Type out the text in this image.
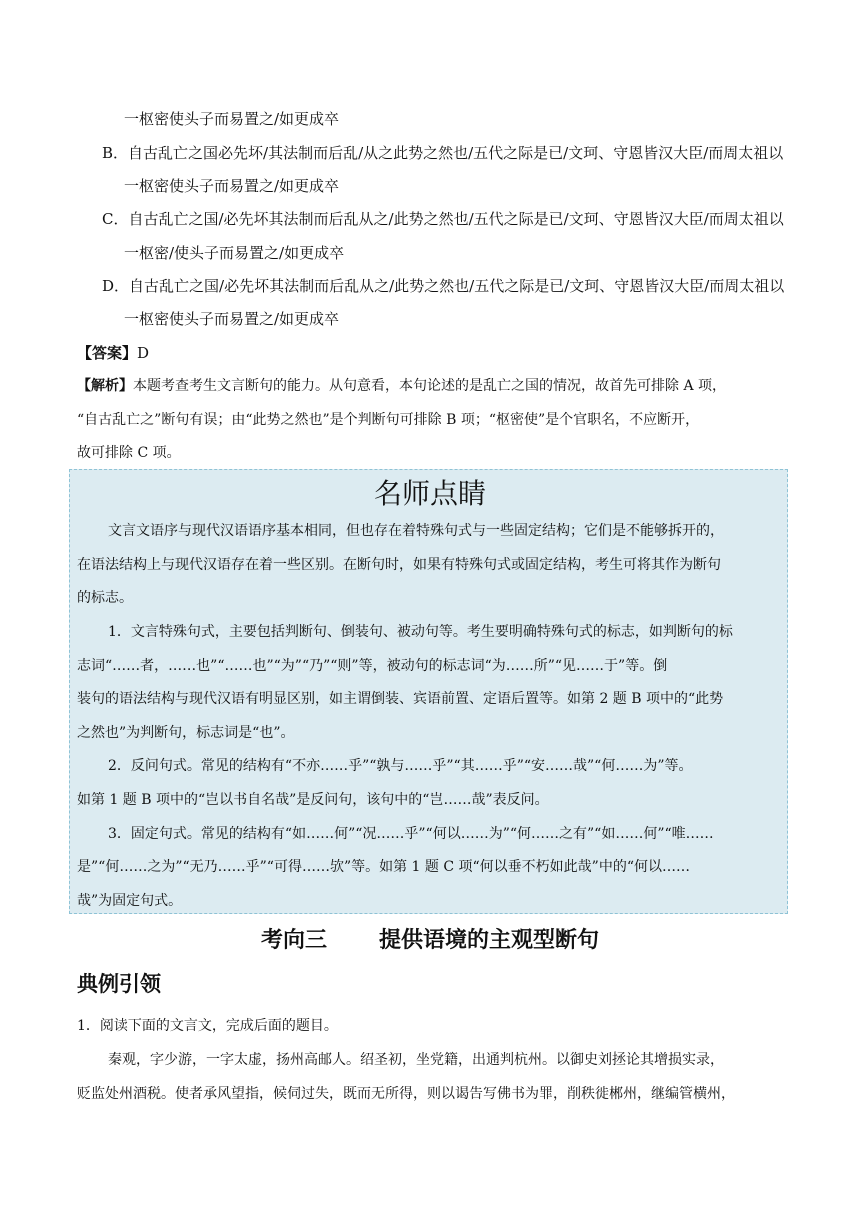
一枢密使头子而易置之/如更成卒
B．自古乱亡之国必先坏/其法制而后乱/从之此势之然也/五代之际是已/文珂、守恩皆汉大臣/而周太祖以
一枢密使头子而易置之/如更成卒
C．自古乱亡之国/必先坏其法制而后乱从之/此势之然也/五代之际是已/文珂、守恩皆汉大臣/而周太祖以
一枢密/使头子而易置之/如更成卒
D．自古乱亡之国/必先坏其法制而后乱从之/此势之然也/五代之际是已/文珂、守恩皆汉大臣/而周太祖以
一枢密使头子而易置之/如更成卒
【答案】D
【解析】本题考查考生文言断句的能力。从句意看，本句论述的是乱亡之国的情况，故首先可排除 A 项，
“自古乱亡之”断句有误；由“此势之然也”是个判断句可排除 B 项；“枢密使”是个官职名，不应断开，
故可排除 C 项。
名师点睛
文言文语序与现代汉语语序基本相同，但也存在着特殊句式与一些固定结构；它们是不能够拆开的，
在语法结构上与现代汉语存在着一些区别。在断句时，如果有特殊句式或固定结构，考生可将其作为断句
的标志。
1．文言特殊句式，主要包括判断句、倒装句、被动句等。考生要明确特殊句式的标志，如判断句的标
志词“……者，……也”“……也”“为”“乃”“则”等，被动句的标志词“为……所”“见……于”等。倒
装句的语法结构与现代汉语有明显区别，如主谓倒装、宾语前置、定语后置等。如第 2 题 B 项中的“此势
之然也”为判断句，标志词是“也”。
2．反问句式。常见的结构有“不亦……乎”“孰与……乎”“其……乎”“安……哉”“何……为”等。
如第 1 题 B 项中的“岂以书自名哉”是反问句，该句中的“岂……哉”表反问。
3．固定句式。常见的结构有“如……何”“况……乎”“何以……为”“何……之有”“如……何”“唯……
是”“何……之为”“无乃……乎”“可得……欤”等。如第 1 题 C 项“何以垂不朽如此哉”中的“何以……
哉”为固定句式。
考向三 提供语境的主观型断句
典例引领
1．阅读下面的文言文，完成后面的题目。
秦观，字少游，一字太虚，扬州高邮人。绍圣初，坐党籍，出通判杭州。以御史刘拯论其增损实录，
贬监处州酒税。使者承风望指，候伺过失，既而无所得，则以谒告写佛书为罪，削秩徙郴州，继编管横州，
